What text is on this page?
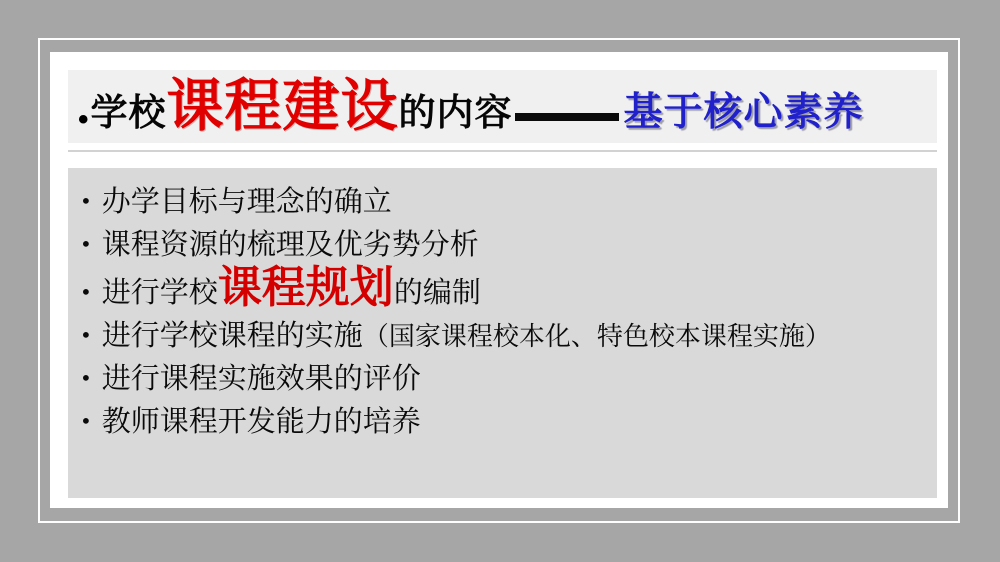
•学校课程建设的内容	基于核心素养
• 办学目标与理念的确立
• 课程资源的梳理及优劣势分析
• 进行学校课程规划的编制
• 进行学校课程的实施（国家课程校本化、特色校本课程实施）
• 进行课程实施效果的评价
• 教师课程开发能力的培养
